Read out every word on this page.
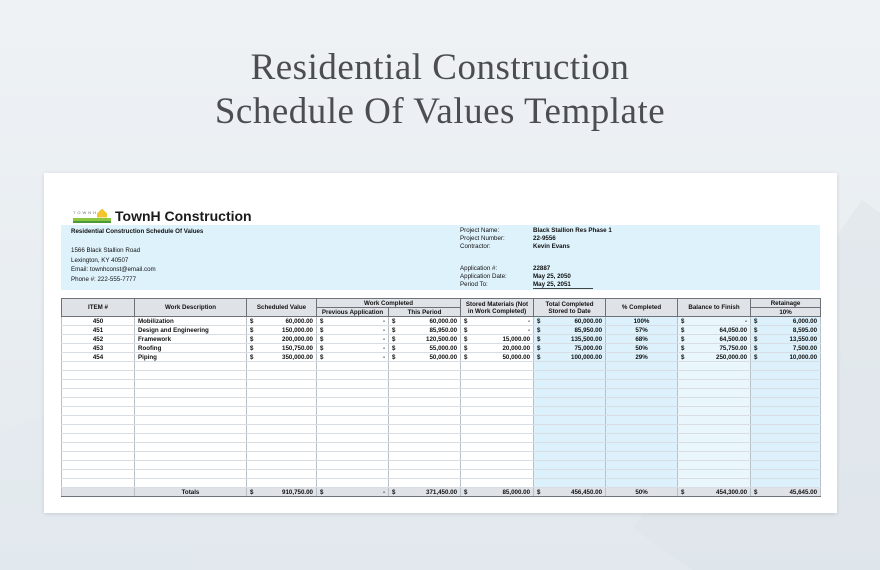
Residential Construction
Schedule Of Values Template
TOWNH TownH Construction
Residential Construction Schedule Of Values
1566 Black Stallion Road
Lexington, KY 40507
Email: townhconst@email.com
Phone #: 222-555-7777
Project Name:	Black Stallion Res Phase 1
Project Number:	22-9556
Contractor:	Kevin Evans
Application #:	22887
Application Date:	May 25, 2050
Period To:	May 25, 2051
ITEM #	Work Description	Scheduled Value	Work Completed		Stored Materials (Not in Work Completed)	Total Completed Stored to Date	% Completed	Balance to Finish	Retainage
			Previous Application	This Period					10%
450	Mobilization	$ 60,000.00	$ -	$ 60,000.00	$ -	$ 60,000.00	100%	$ -	$ 6,000.00

451	Design and Engineering	$ 150,000.00	$ -	$ 85,950.00	$ -	$ 85,950.00	57%	$ 64,050.00	$ 8,595.00

452	Framework	$ 200,000.00	$ -	$ 120,500.00	$ 15,000.00	$ 135,500.00	68%	$ 64,500.00	$ 13,550.00

453	Roofing	$ 150,750.00	$ -	$ 55,000.00	$ 20,000.00	$ 75,000.00	50%	$ 75,750.00	$ 7,500.00

454	Piping	$ 350,000.00	$ -	$ 50,000.00	$ 50,000.00	$ 100,000.00	29%	$ 250,000.00	$ 10,000.00

	Totals	$ 910,750.00	$ -	$ 371,450.00	$ 85,000.00	$ 456,450.00	50%	$ 454,300.00	$ 45,645.00
